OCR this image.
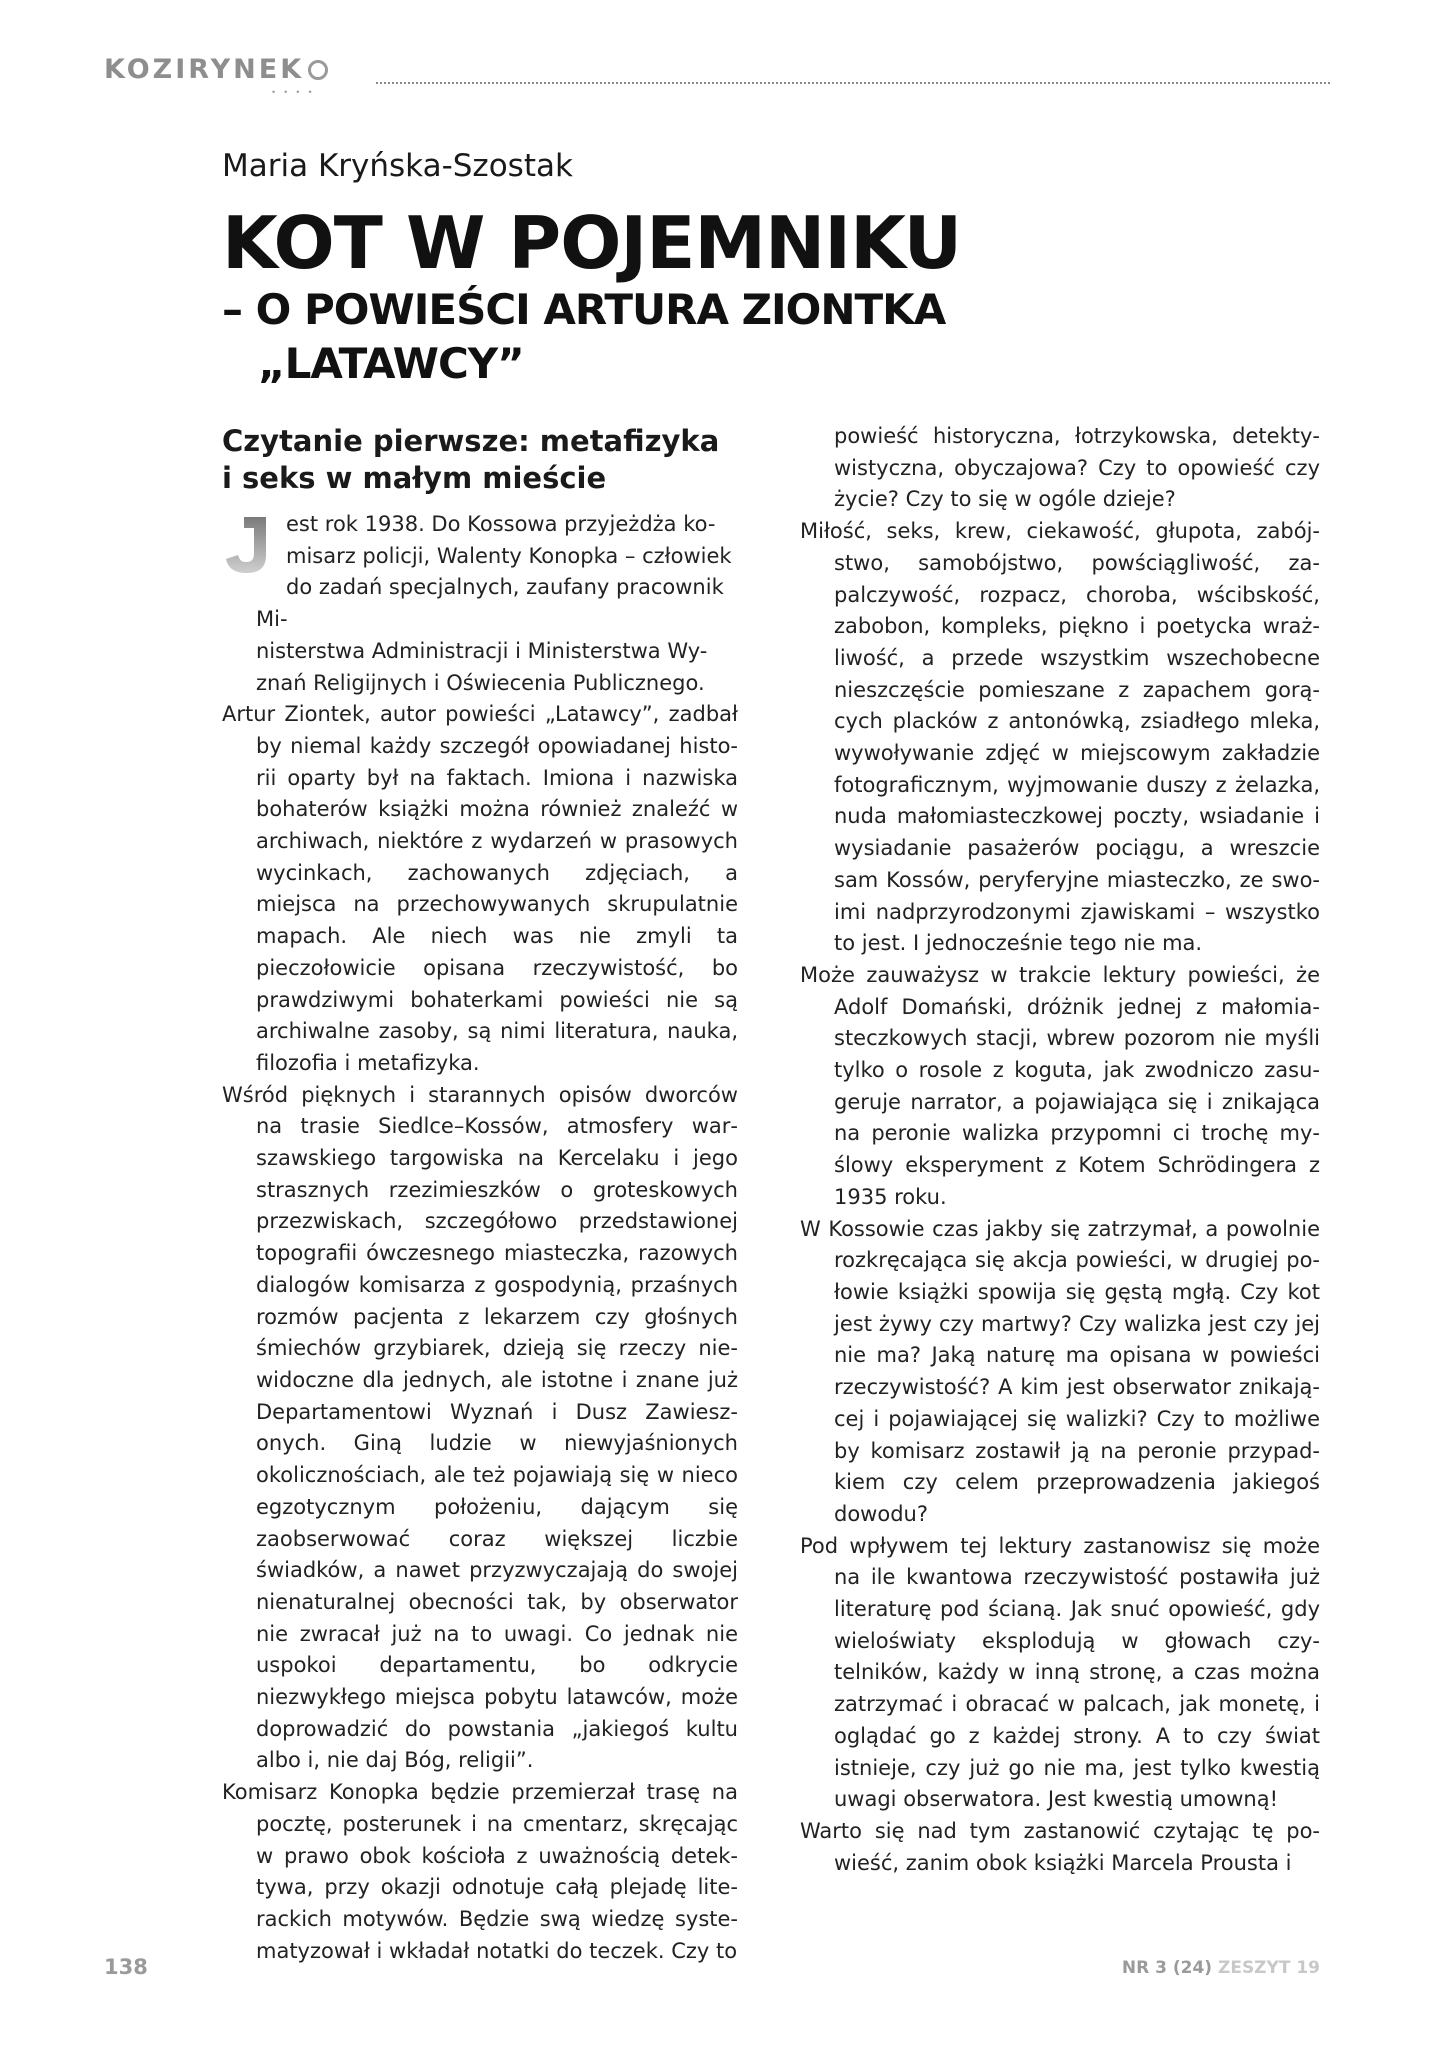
KOZIRYNEK
••••
Maria Kryńska-Szostak
KOT W POJEMNIKU
– O POWIEŚCI ARTURA ZIONTKA
„LATAWCY”
Czytanie pierwsze: metafizyka
i seks w małym mieście
est rok 1938. Do Kossowa przyjeżdża ko-
misarz policji, Walenty Konopka – człowiek
do zadań specjalnych, zaufany pracownik Mi-
nisterstwa Administracji i Ministerstwa Wy-
znań Religijnych i Oświecenia Publicznego.

Artur Ziontek, autor powieści „Latawcy”, zadbał by niemal każdy szczegół opowiadanej historii oparty był na faktach. Imiona i nazwiska bohaterów książki można również znaleźć w archiwach, niektóre z wydarzeń w prasowych wycinkach, zachowanych zdjęciach, a miejsca na przechowywanych skrupulatnie mapach. Ale niech was nie zmyli ta pieczołowicie opisana rzeczywistość, bo prawdziwymi bohaterkami powieści nie są archiwalne zasoby, są nimi literatura, nauka, filozofia i metafizyka.

Wśród pięknych i starannych opisów dworców na trasie Siedlce–Kossów, atmosfery warszawskiego targowiska na Kercelaku i jego strasznych rzezimieszków o groteskowych przezwiskach, szczegółowo przedstawionej topografii ówczesnego miasteczka, razowych dialogów komisarza z gospodynią, przaśnych rozmów pacjenta z lekarzem czy głośnych śmiechów grzybiarek, dzieją się rzeczy niewidoczne dla jednych, ale istotne i znane już Departamentowi Wyznań i Dusz Zawieszonych. Giną ludzie w niewyjaśnionych okolicznościach, ale też pojawiają się w nieco egzotycznym położeniu, dającym się zaobserwować coraz większej liczbie świadków, a nawet przyzwyczajają do swojej nienaturalnej obecności tak, by obserwator nie zwracał już na to uwagi. Co jednak nie uspokoi departamentu, bo odkrycie niezwykłego miejsca pobytu latawców, może doprowadzić do powstania „jakiegoś kultu albo i, nie daj Bóg, religii”.

Komisarz Konopka będzie przemierzał trasę na pocztę, posterunek i na cmentarz, skręcając w prawo obok kościoła z uważnością detektywa, przy okazji odnotuje całą plejadę literackich motywów. Będzie swą wiedzę systematyzował i wkładał notatki do teczek. Czy to

powieść historyczna, łotrzykowska, detektywistyczna, obyczajowa? Czy to opowieść czy życie? Czy to się w ogóle dzieje?

Miłość, seks, krew, ciekawość, głupota, zabójstwo, samobójstwo, powściągliwość, zapalczywość, rozpacz, choroba, wścibskość, zabobon, kompleks, piękno i poetycka wrażliwość, a przede wszystkim wszechobecne nieszczęście pomieszane z zapachem gorących placków z antonówką, zsiadłego mleka, wywoływanie zdjęć w miejscowym zakładzie fotograficznym, wyjmowanie duszy z żelazka, nuda małomiasteczkowej poczty, wsiadanie i wysiadanie pasażerów pociągu, a wreszcie sam Kossów, peryferyjne miasteczko, ze swoimi nadprzyrodzonymi zjawiskami – wszystko to jest. I jednocześnie tego nie ma.

Może zauważysz w trakcie lektury powieści, że Adolf Domański, dróżnik jednej z małomiasteczkowych stacji, wbrew pozorom nie myśli tylko o rosole z koguta, jak zwodniczo zasugeruje narrator, a pojawiająca się i znikająca na peronie walizka przypomni ci trochę myślowy eksperyment z Kotem Schrödingera z 1935 roku.

W Kossowie czas jakby się zatrzymał, a powolnie rozkręcająca się akcja powieści, w drugiej połowie książki spowija się gęstą mgłą. Czy kot jest żywy czy martwy? Czy walizka jest czy jej nie ma? Jaką naturę ma opisana w powieści rzeczywistość? A kim jest obserwator znikającej i pojawiającej się walizki? Czy to możliwe by komisarz zostawił ją na peronie przypadkiem czy celem przeprowadzenia jakiegoś dowodu?

Pod wpływem tej lektury zastanowisz się może na ile kwantowa rzeczywistość postawiła już literaturę pod ścianą. Jak snuć opowieść, gdy wieloświaty eksplodują w głowach czytelników, każdy w inną stronę, a czas można zatrzymać i obracać w palcach, jak monetę, i oglądać go z każdej strony. A to czy świat istnieje, czy już go nie ma, jest tylko kwestią uwagi obserwatora. Jest kwestią umowną!

Warto się nad tym zastanowić czytając tę powieść, zanim obok książki Marcela Prousta i

138	NR 3 (24) ZESZYT 19
